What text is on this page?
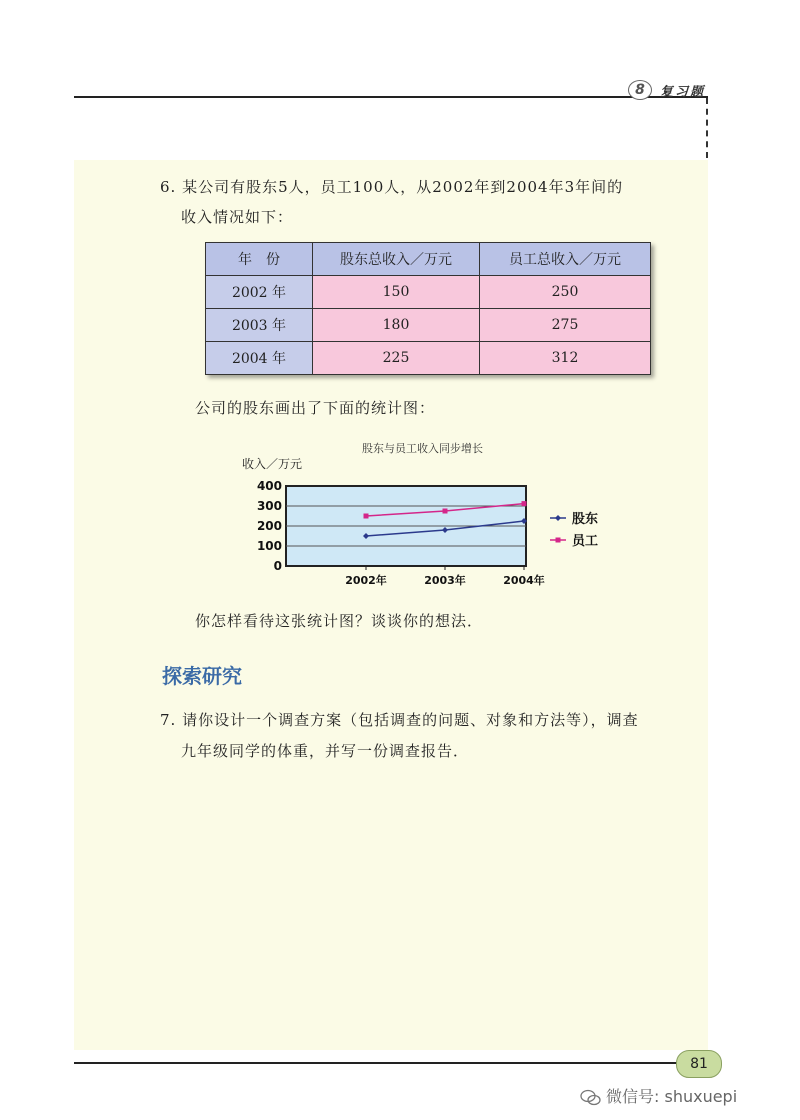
8	复习题
6. 某公司有股东5人，员工100人，从2002年到2004年3年间的
收入情况如下：
年　份	股东总收入／万元	员工总收入／万元
2002 年	150	250
2003 年	180	275
2004 年	225	312
公司的股东画出了下面的统计图：
股东与员工收入同步增长
收入／万元
0
100
200
300
400
2002年	2003年	2004年
股东
员工
你怎样看待这张统计图？谈谈你的想法．
探索研究
7. 请你设计一个调查方案（包括调查的问题、对象和方法等），调查
九年级同学的体重，并写一份调查报告．
81
微信号: shuxuepi
